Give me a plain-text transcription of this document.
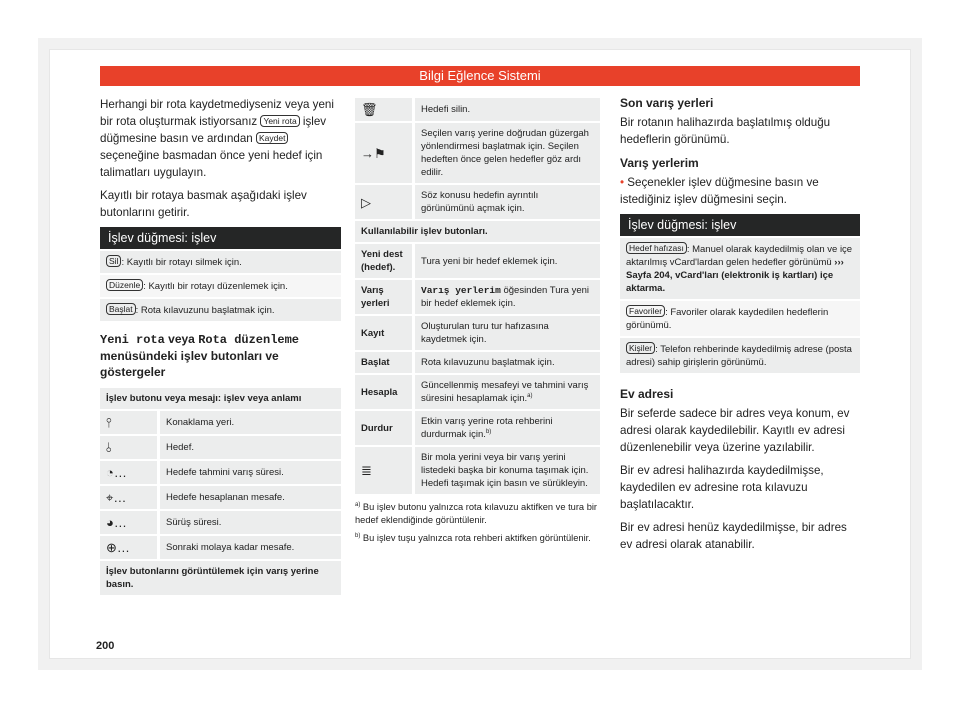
Bilgi Eğlence Sistemi

Herhangi bir rota kaydetmediyseniz veya yeni bir rota oluşturmak istiyorsanız Yeni rota işlev düğmesine basın ve ardından Kaydet seçeneğine basmadan önce yeni hedef için talimatları uygulayın.

Kayıtlı bir rotaya basmak aşağıdaki işlev butonlarını getirir.

İşlev düğmesi: işlev
Sil : Kayıtlı bir rotayı silmek için.
Düzenle : Kayıtlı bir rotayı düzenlemek için.
Başlat : Rota kılavuzunu başlatmak için.
Yeni rota veya Rota düzenleme menüsündeki işlev butonları ve göstergeler
İşlev butonu veya mesajı: işlev veya anlamı	
⫯	Konaklama yeri.
⫰	Hedef.
◔…	Hedefe tahmini varış süresi.
⌖…	Hedefe hesaplanan mesafe.
◕…	Sürüş süresi.
⊕…	Sonraki molaya kadar mesafe.
İşlev butonlarını görüntülemek için varış yerine basın.	
🗑	Hedefi silin.
→⚑	Seçilen varış yerine doğrudan güzergah yönlendirmesi başlatmak için. Seçilen hedeften önce gelen hedefler göz ardı edilir.
▷	Söz konusu hedefin ayrıntılı görünümünü açmak için.
Kullanılabilir işlev butonları.	
Yeni dest (hedef).	Tura yeni bir hedef eklemek için.
Varış yerleri	Varış yerlerim öğesinden Tura yeni bir hedef eklemek için.
Kayıt	Oluşturulan turu tur hafızasına kaydetmek için.
Başlat	Rota kılavuzunu başlatmak için.
Hesapla	Güncellenmiş mesafeyi ve tahmini varış süresini hesaplamak için.$^{a)}$
Durdur	Etkin varış yerine rota rehberini durdurmak için.$^{b)}$
≣	Bir mola yerini veya bir varış yerini listedeki başka bir konuma taşımak için. Hedefi taşımak için basın ve sürükleyin.

$^{a)}$ Bu işlev butonu yalnızca rota kılavuzu aktifken ve tura bir hedef eklendiğinde görüntülenir.

$^{b)}$ Bu işlev tuşu yalnızca rota rehberi aktifken görüntülenir.

Son varış yerleri

Bir rotanın halihazırda başlatılmış olduğu hedeflerin görünümü.

Varış yerlerim

• Seçenekler işlev düğmesine basın ve istediğiniz işlev düğmesini seçin.

İşlev düğmesi: işlev
Hedef hafızası : Manuel olarak kaydedilmiş olan ve içe aktarılmış vCard'lardan gelen hedefler görünümü ››› Sayfa 204, vCard'ları (elektronik iş kartları) içe aktarma.
Favoriler : Favoriler olarak kaydedilen hedeflerin görünümü.
Kişiler : Telefon rehberinde kaydedilmiş adrese (posta adresi) sahip girişlerin görünümü.
Ev adresi

Bir seferde sadece bir adres veya konum, ev adresi olarak kaydedilebilir. Kayıtlı ev adresi düzenlenebilir veya üzerine yazılabilir.

Bir ev adresi halihazırda kaydedilmişse, kaydedilen ev adresine rota kılavuzu başlatılacaktır.

Bir ev adresi henüz kaydedilmişse, bir adres ev adresi olarak atanabilir.

200
